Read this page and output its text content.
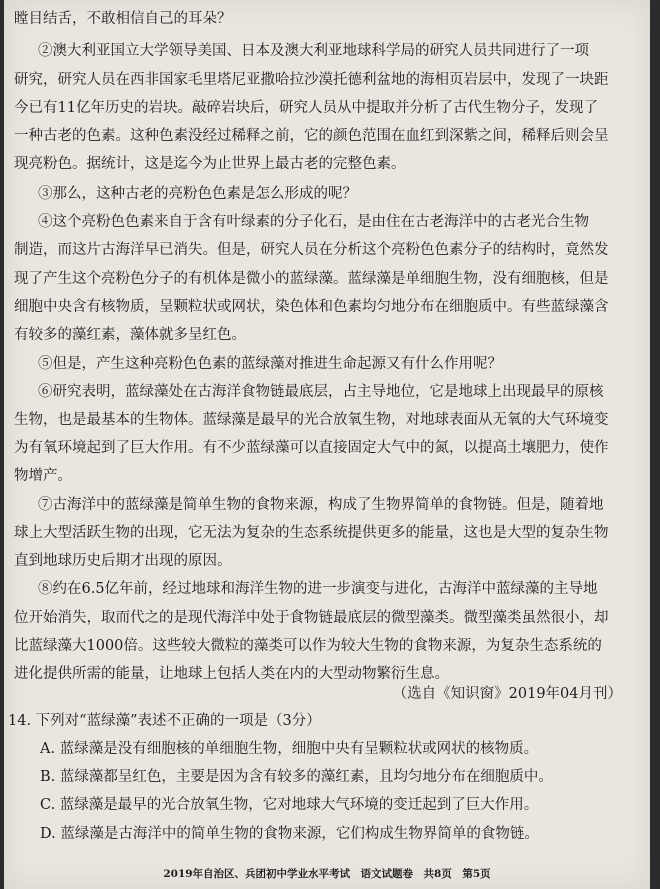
瞠目结舌，不敢相信自己的耳朵？
②澳大利亚国立大学领导美国、日本及澳大利亚地球科学局的研究人员共同进行了一项
研究，研究人员在西非国家毛里塔尼亚撒哈拉沙漠托德利盆地的海相页岩层中，发现了一块距
今已有11亿年历史的岩块。敲碎岩块后，研究人员从中提取并分析了古代生物分子，发现了
一种古老的色素。这种色素没经过稀释之前，它的颜色范围在血红到深紫之间，稀释后则会呈
现亮粉色。据统计，这是迄今为止世界上最古老的完整色素。
③那么，这种古老的亮粉色色素是怎么形成的呢？
④这个亮粉色色素来自于含有叶绿素的分子化石，是由住在古老海洋中的古老光合生物
制造，而这片古海洋早已消失。但是，研究人员在分析这个亮粉色色素分子的结构时，竟然发
现了产生这个亮粉色分子的有机体是微小的蓝绿藻。蓝绿藻是单细胞生物，没有细胞核，但是
细胞中央含有核物质，呈颗粒状或网状，染色体和色素均匀地分布在细胞质中。有些蓝绿藻含
有较多的藻红素，藻体就多呈红色。
⑤但是，产生这种亮粉色色素的蓝绿藻对推进生命起源又有什么作用呢？
⑥研究表明，蓝绿藻处在古海洋食物链最底层，占主导地位，它是地球上出现最早的原核
生物，也是最基本的生物体。蓝绿藻是最早的光合放氧生物，对地球表面从无氧的大气环境变
为有氧环境起到了巨大作用。有不少蓝绿藻可以直接固定大气中的氮，以提高土壤肥力，使作
物增产。
⑦古海洋中的蓝绿藻是简单生物的食物来源，构成了生物界简单的食物链。但是，随着地
球上大型活跃生物的出现，它无法为复杂的生态系统提供更多的能量，这也是大型的复杂生物
直到地球历史后期才出现的原因。
⑧约在6.5亿年前，经过地球和海洋生物的进一步演变与进化，古海洋中蓝绿藻的主导地
位开始消失，取而代之的是现代海洋中处于食物链最底层的微型藻类。微型藻类虽然很小，却
比蓝绿藻大1000倍。这些较大微粒的藻类可以作为较大生物的食物来源，为复杂生态系统的
进化提供所需的能量，让地球上包括人类在内的大型动物繁衍生息。
（选自《知识窗》2019年04月刊）
14. 下列对“蓝绿藻”表述不正确的一项是（3分）
A. 蓝绿藻是没有细胞核的单细胞生物，细胞中央有呈颗粒状或网状的核物质。
B. 蓝绿藻都呈红色，主要是因为含有较多的藻红素，且均匀地分布在细胞质中。
C. 蓝绿藻是最早的光合放氧生物，它对地球大气环境的变迁起到了巨大作用。
D. 蓝绿藻是古海洋中的简单生物的食物来源，它们构成生物界简单的食物链。
2019年自治区、兵团初中学业水平考试　语文试题卷　共8页　第5页
